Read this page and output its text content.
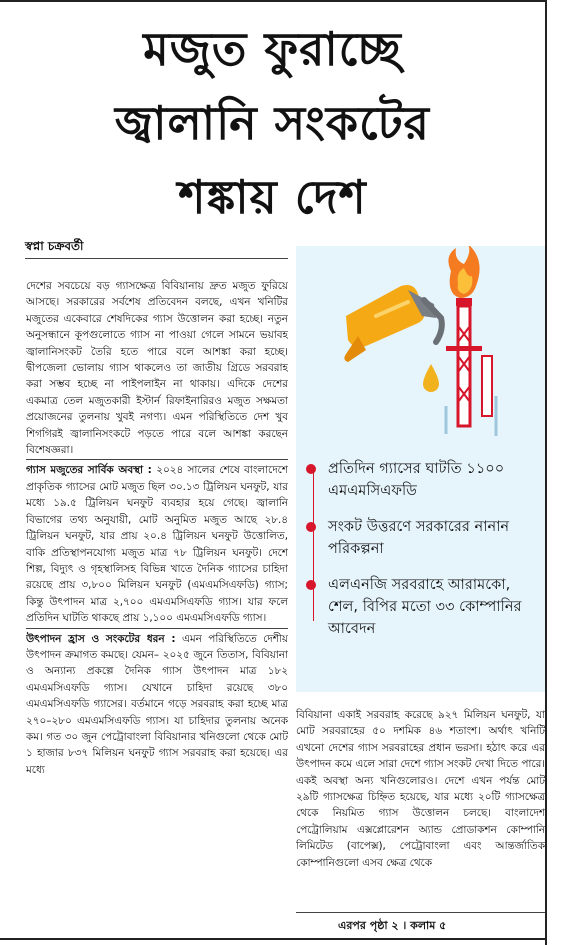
মজুত ফুরাচ্ছে
জ্বালানি সংকটের
শঙ্কায় দেশ

স্বপ্না চক্রবর্তী

দেশের সবচেয়ে বড় গ্যাসক্ষেত্র বিবিয়ানায় দ্রুত মজুত ফুরিয়ে আসছে। সরকারের সর্বশেষ প্রতিবেদন বলছে, এখন খনিটির মজুতের একেবারে শেষদিকের গ্যাস উত্তোলন করা হচ্ছে। নতুন অনুসন্ধানে কূপগুলোতে গ্যাস না পাওয়া গেলে সামনে ভয়াবহ জ্বালানিসংকট তৈরি হতে পারে বলে আশঙ্কা করা হচ্ছে। দ্বীপজেলা ভোলায় গ্যাস থাকলেও তা জাতীয় গ্রিডে সরবরাহ করা সম্ভব হচ্ছে না পাইপলাইন না থাকায়। এদিকে দেশের একমাত্র তেল মজুতকারী ইস্টার্ন রিফাইনারিরও মজুত সক্ষমতা প্রয়োজনের তুলনায় খুবই নগণ্য। এমন পরিস্থিতিতে দেশ খুব শিগগিরই জ্বালানিসংকটে পড়তে পারে বলে আশঙ্কা করছেন বিশেষজ্ঞরা।

গ্যাস মজুতের সার্বিক অবস্থা : ২০২৪ সালের শেষে বাংলাদেশে প্রাকৃতিক গ্যাসের মোট মজুত ছিল ৩০.১৩ ট্রিলিয়ন ঘনফুট, যার মধ্যে ১৯.৫ ট্রিলিয়ন ঘনফুট ব্যবহার হয়ে গেছে। জ্বালানি বিভাগের তথ্য অনুযায়ী, মোট অনুমিত মজুত আছে ২৮.৪ ট্রিলিয়ন ঘনফুট, যার প্রায় ২০.৪ ট্রিলিয়ন ঘনফুট উত্তোলিত, বাকি প্রতিস্থাপনযোগ্য মজুত মাত্র ৭৮ ট্রিলিয়ন ঘনফুট। দেশে শিল্প, বিদ্যুৎ ও গৃহস্থালিসহ বিভিন্ন খাতে দৈনিক গ্যাসের চাহিদা রয়েছে প্রায় ৩,৮০০ মিলিয়ন ঘনফুট (এমএমসিএফডি) গ্যাস; কিন্তু উৎপাদন মাত্র ২,৭০০ এমএমসিএফডি গ্যাস। যার ফলে প্রতিদিন ঘাটতি থাকছে প্রায় ১,১০০ এমএমসিএফডি গ্যাস।

উৎপাদন হ্রাস ও সংকটের ধরন : এমন পরিস্থিতিতে দেশীয় উৎপাদন ক্রমাগত কমছে। যেমন– ২০২৫ জুনে তিতাস, বিবিয়ানা ও অন্যান্য প্রকল্পে দৈনিক গ্যাস উৎপাদন মাত্র ১৮২ এমএমসিএফডি গ্যাস। যেখানে চাহিদা রয়েছে ৩৮০ এমএমসিএফডি গ্যাসের। বর্তমানে গড়ে সরবরাহ করা হচ্ছে মাত্র ২৭০–২৮০ এমএমসিএফডি গ্যাস। যা চাহিদার তুলনায় অনেক কম। গত ৩০ জুন পেট্রোবাংলা বিবিয়ানার খনিগুলো থেকে মোট ১ হাজার ৮৩৭ মিলিয়ন ঘনফুট গ্যাস সরবরাহ করা হয়েছে। এর মধ্যে

প্রতিদিন গ্যাসের ঘাটতি ১১০০ এমএমসিএফডি
সংকট উত্তরণে সরকারের নানান পরিকল্পনা
এলএনজি সরবরাহে আরামকো, শেল, বিপির মতো ৩৩ কোম্পানির আবেদন

বিবিয়ানা একাই সরবরাহ করেছে ৯২৭ মিলিয়ন ঘনফুট, যা মোট সরবরাহের ৫০ দশমিক ৪৬ শতাংশ। অর্থাৎ খনিটি এখনো দেশের গ্যাস সরবরাহের প্রধান ভরসা। হঠাৎ করে এর উৎপাদন কমে এলে সারা দেশে গ্যাস সংকট দেখা দিতে পারে। একই অবস্থা অন্য খনিগুলোরও। দেশে এখন পর্যন্ত মোট ২৯টি গ্যাসক্ষেত্র চিহ্নিত হয়েছে, যার মধ্যে ২০টি গ্যাসক্ষেত্র থেকে নিয়মিত গ্যাস উত্তোলন চলছে। বাংলাদেশ পেট্রোলিয়াম এক্সপ্লোরেশন অ্যান্ড প্রোডাকশন কোম্পানি লিমিটেড (বাপেক্স), পেট্রোবাংলা এবং আন্তর্জাতিক কোম্পানিগুলো এসব ক্ষেত্র থেকে

এরপর পৃষ্ঠা ২ । কলাম ৫
